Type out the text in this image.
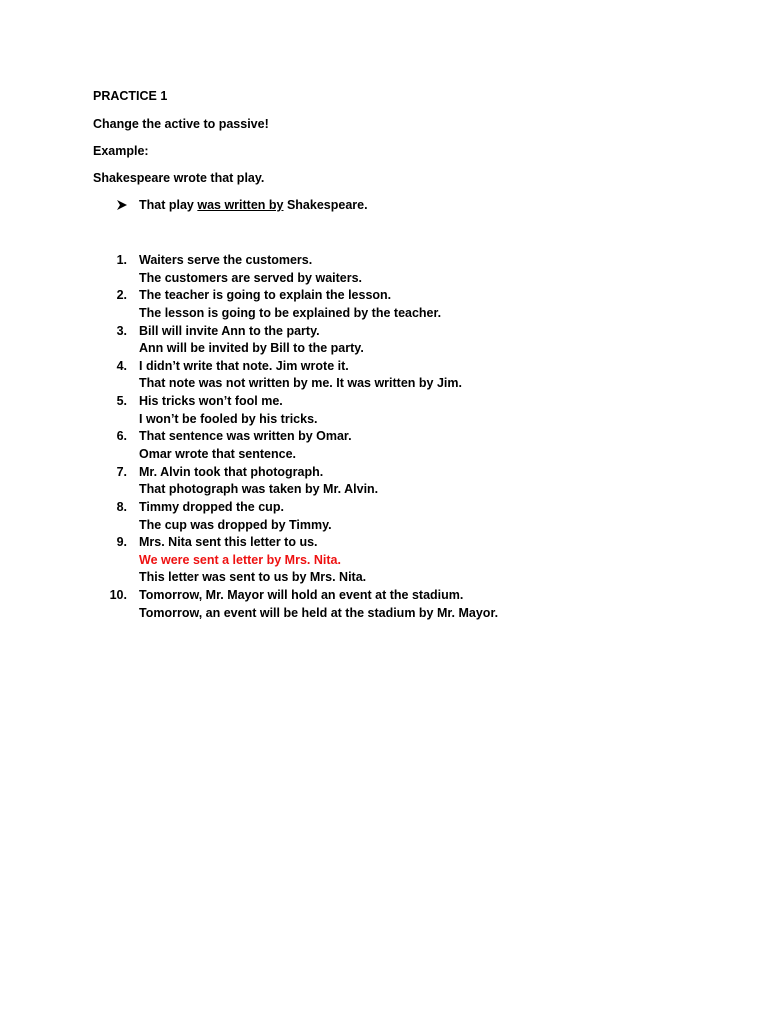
PRACTICE 1
Change the active to passive!
Example:
Shakespeare wrote that play.
That play was written by Shakespeare.
1. Waiters serve the customers.
The customers are served by waiters.
2. The teacher is going to explain the lesson.
The lesson is going to be explained by the teacher.
3. Bill will invite Ann to the party.
Ann will be invited by Bill to the party.
4. I didn’t write that note. Jim wrote it.
That note was not written by me. It was written by Jim.
5. His tricks won’t fool me.
I won’t be fooled by his tricks.
6. That sentence was written by Omar.
Omar wrote that sentence.
7. Mr. Alvin took that photograph.
That photograph was taken by Mr. Alvin.
8. Timmy dropped the cup.
The cup was dropped by Timmy.
9. Mrs. Nita sent this letter to us.
We were sent a letter by Mrs. Nita.
This letter was sent to us by Mrs. Nita.
10. Tomorrow, Mr. Mayor will hold an event at the stadium.
Tomorrow, an event will be held at the stadium by Mr. Mayor.
